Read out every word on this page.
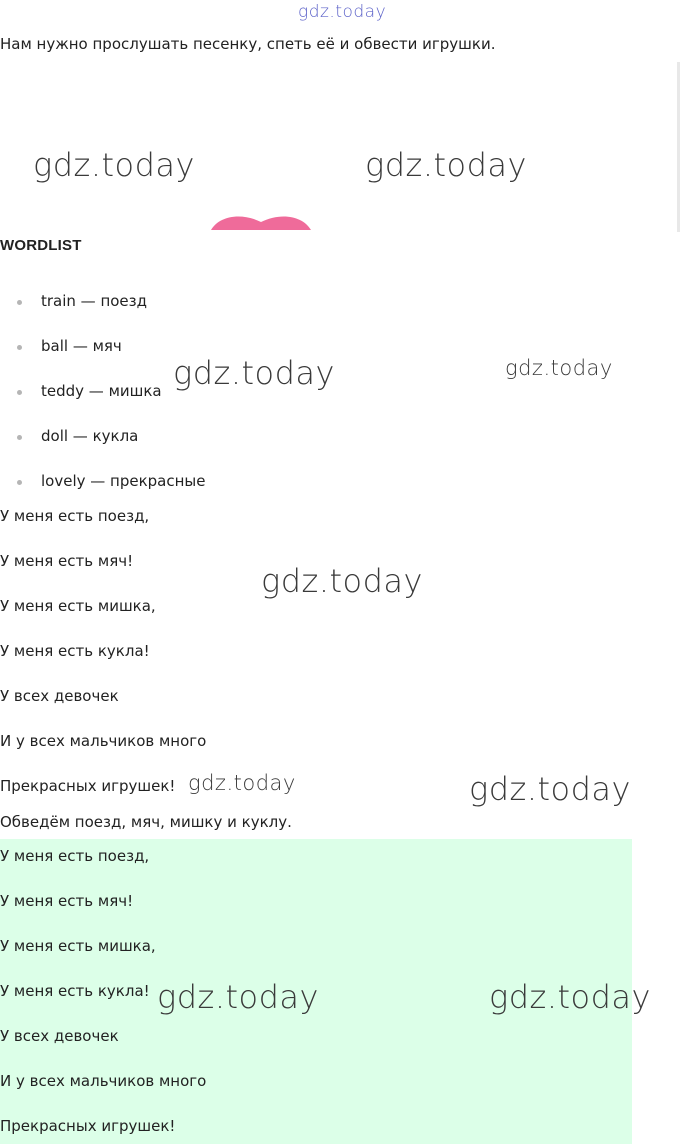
gdz.today
Нам нужно прослушать песенку, спеть её и обвести игрушки.
gdz.today	gdz.today
WORDLIST
train — поезд
ball — мяч
teddy — мишка
doll — кукла
lovely — прекрасные
gdz.today	gdz.today
У меня есть поезд,
У меня есть мяч!
У меня есть мишка,
У меня есть кукла!
У всех девочек
И у всех мальчиков много
Прекрасных игрушек!
gdz.today
gdz.today	gdz.today
Обведём поезд, мяч, мишку и куклу.
У меня есть поезд,
У меня есть мяч!
У меня есть мишка,
У меня есть кукла!
У всех девочек
И у всех мальчиков много
Прекрасных игрушек!
gdz.today	gdz.today
